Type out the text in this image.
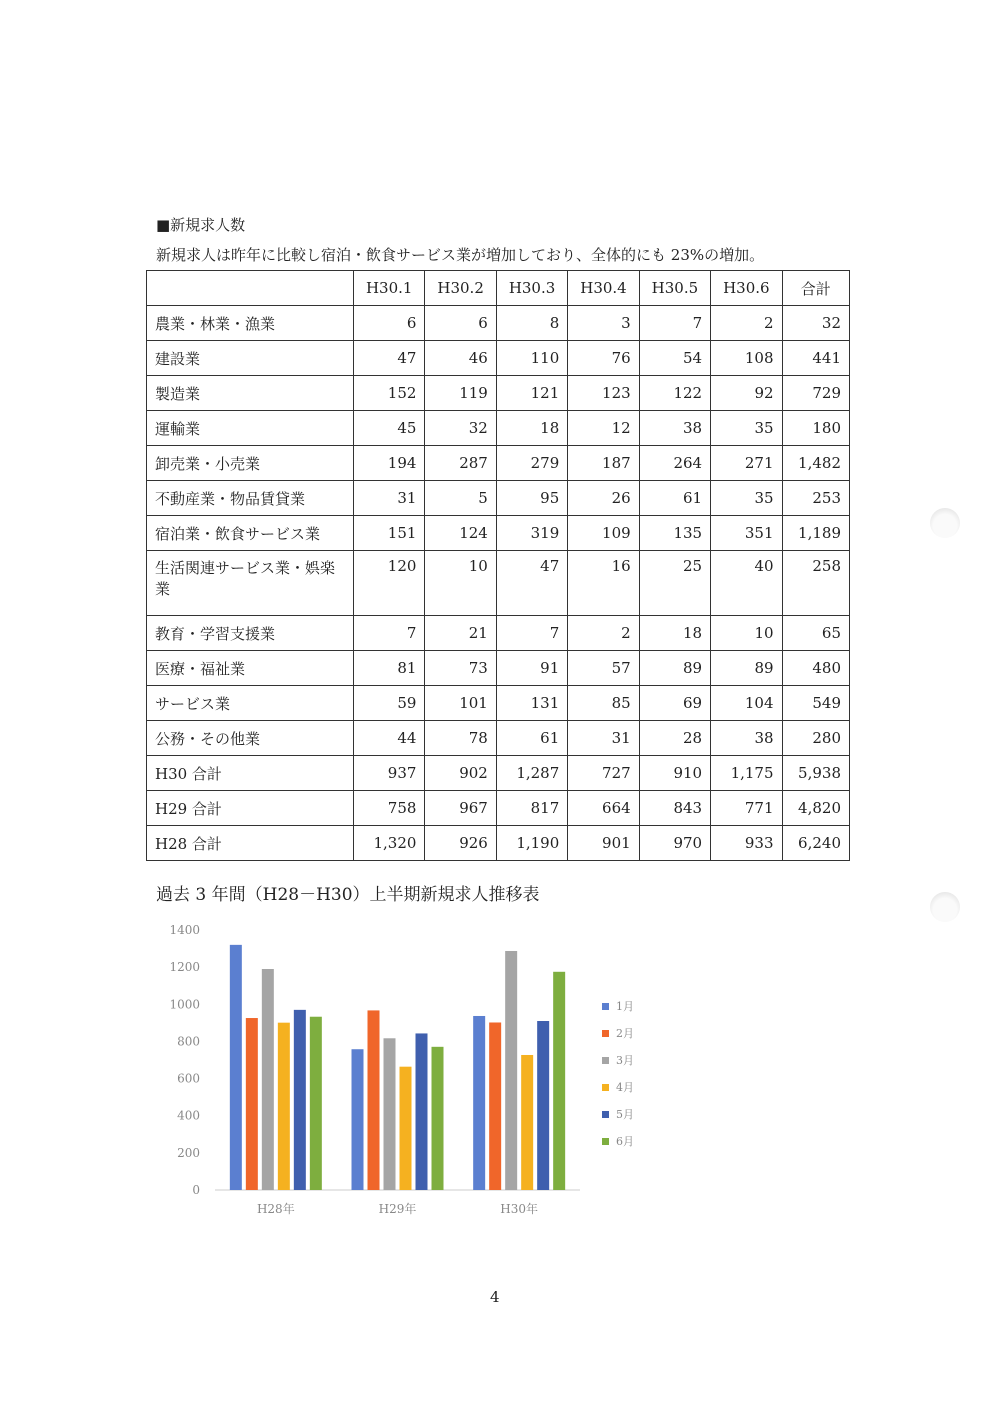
■新規求人数
新規求人は昨年に比較し宿泊・飲食サービス業が増加しており、全体的にも 23%の増加。
	H30.1	H30.2	H30.3	H30.4	H30.5	H30.6	合計
農業・林業・漁業	6	6	8	3	7	2	32
建設業	47	46	110	76	54	108	441
製造業	152	119	121	123	122	92	729
運輸業	45	32	18	12	38	35	180
卸売業・小売業	194	287	279	187	264	271	1,482
不動産業・物品賃貸業	31	5	95	26	61	35	253
宿泊業・飲食サービス業	151	124	319	109	135	351	1,189
生活関連サービス業・娯楽業	120	10	47	16	25	40	258
教育・学習支援業	7	21	7	2	18	10	65
医療・福祉業	81	73	91	57	89	89	480
サービス業	59	101	131	85	69	104	549
公務・その他業	44	78	61	31	28	38	280
H30 合計	937	902	1,287	727	910	1,175	5,938
H29 合計	758	967	817	664	843	771	4,820
H28 合計	1,320	926	1,190	901	970	933	6,240
過去 3 年間（H28－H30）上半期新規求人推移表
0
200
400
600
800
1000
1200
1400
H28年	H29年	H30年
1月
2月
3月
4月
5月
6月
4
